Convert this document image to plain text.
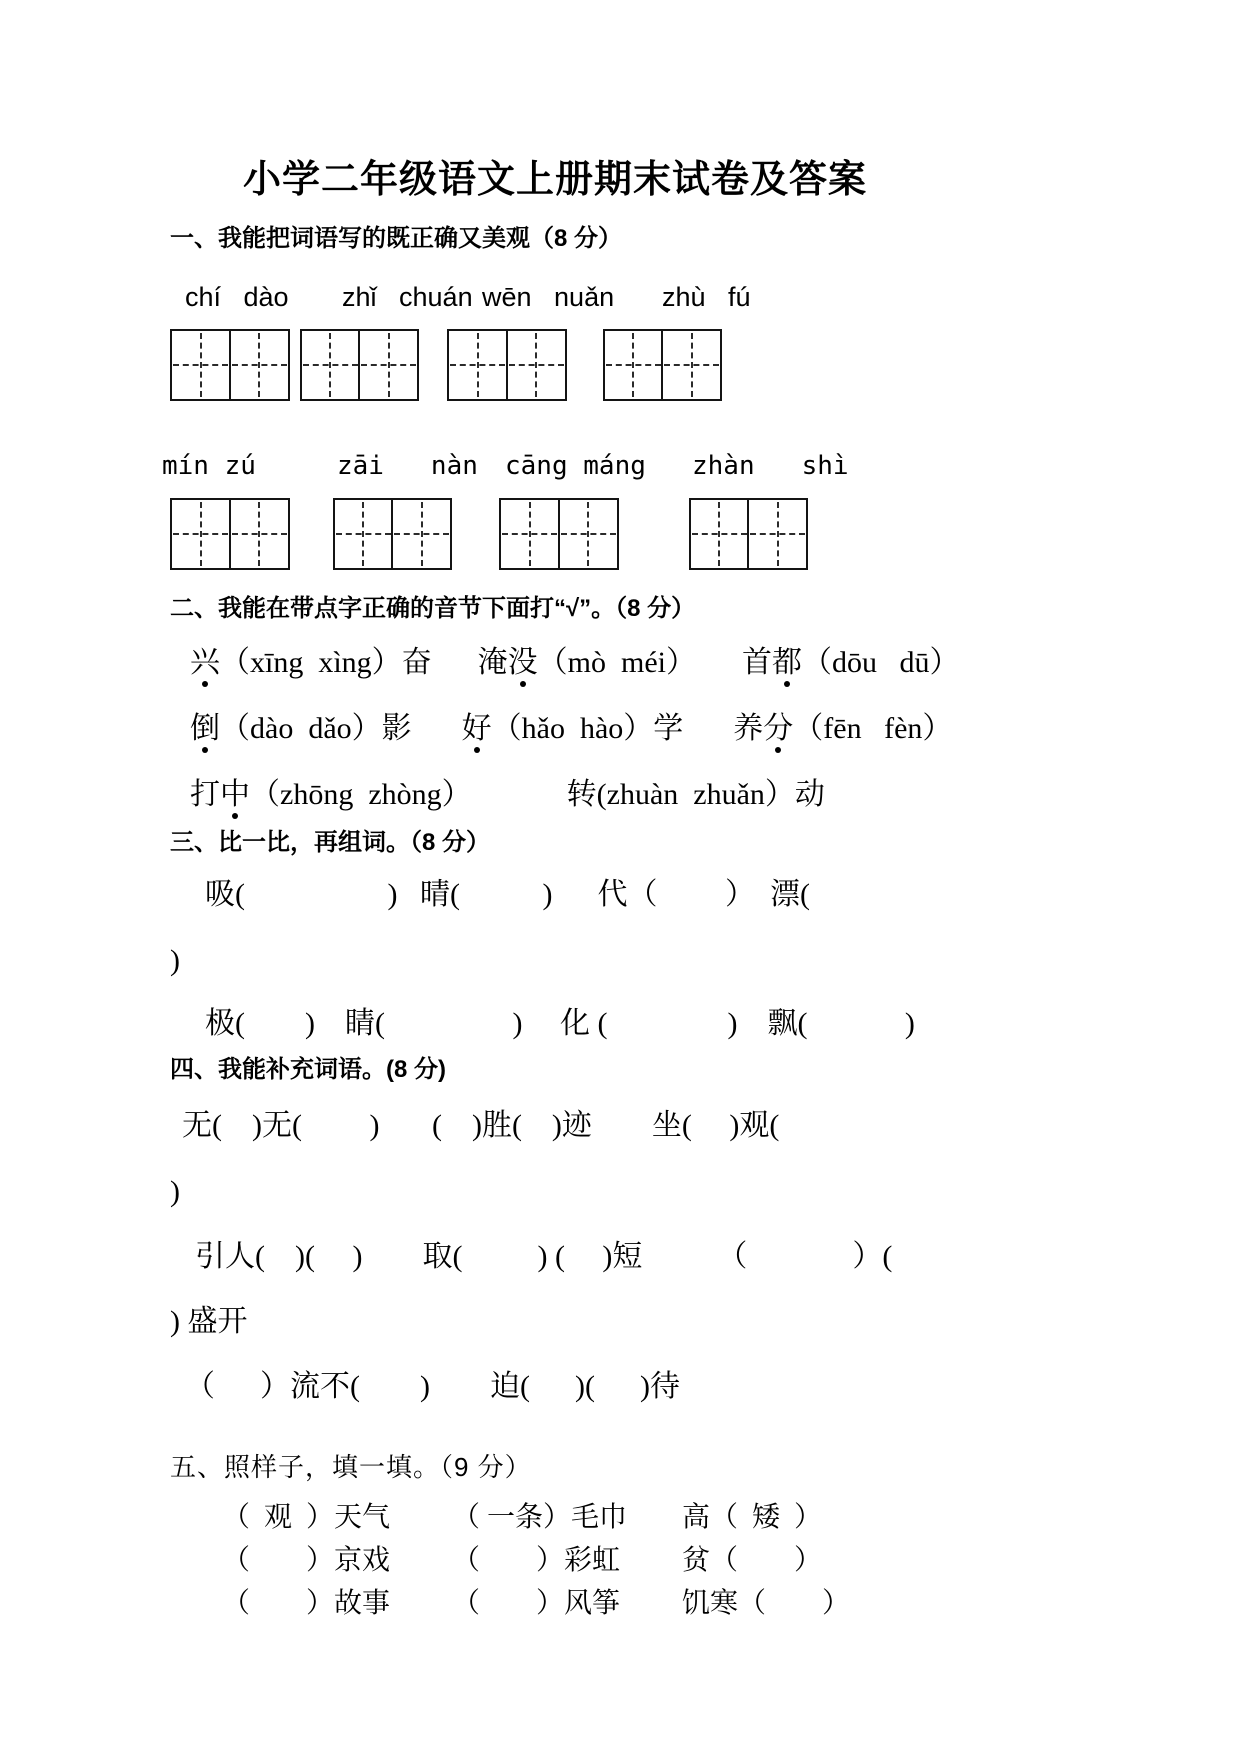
小学二年级语文上册期末试卷及答案
一、我能把词语写的既正确又美观（8 分）
chí   dào zhǐ   chuán wēn   nuǎn zhù   fú
mín zú	zāi   nàn cāng máng zhàn   shì
二、我能在带点字正确的音节下面打“√”。（8 分）
兴（xīng  xìng）奋 淹没（mò  méi） 首都（dōu   dū）
倒（dào  dǎo）影 好（hǎo  hào）学 养分（fēn   fèn）
打中（zhōng  zhòng）	转(zhuàn  zhuǎn）动
三、比一比，再组词。（8 分）
吸(                   )   晴(           )      代（         ）  漂(
)
极(        )    睛(                 )     化 (                )    飘(             )
四、我能补充词语。(8 分)
无(    )无(         )       (    )胜(    )迹        坐(     )观(
)
引人(    )(     )        取(          ) (     )短          （              ）(
) 盛开
（      ）流不(        )        迫(      )(      )待
五、照样子，填一填。（9 分）
（  观  ）天气	（ 一条）毛巾	高（  矮  ）
（        ）京戏	（        ）彩虹	贫（        ）
（        ）故事	（        ）风筝	饥寒（        ）
